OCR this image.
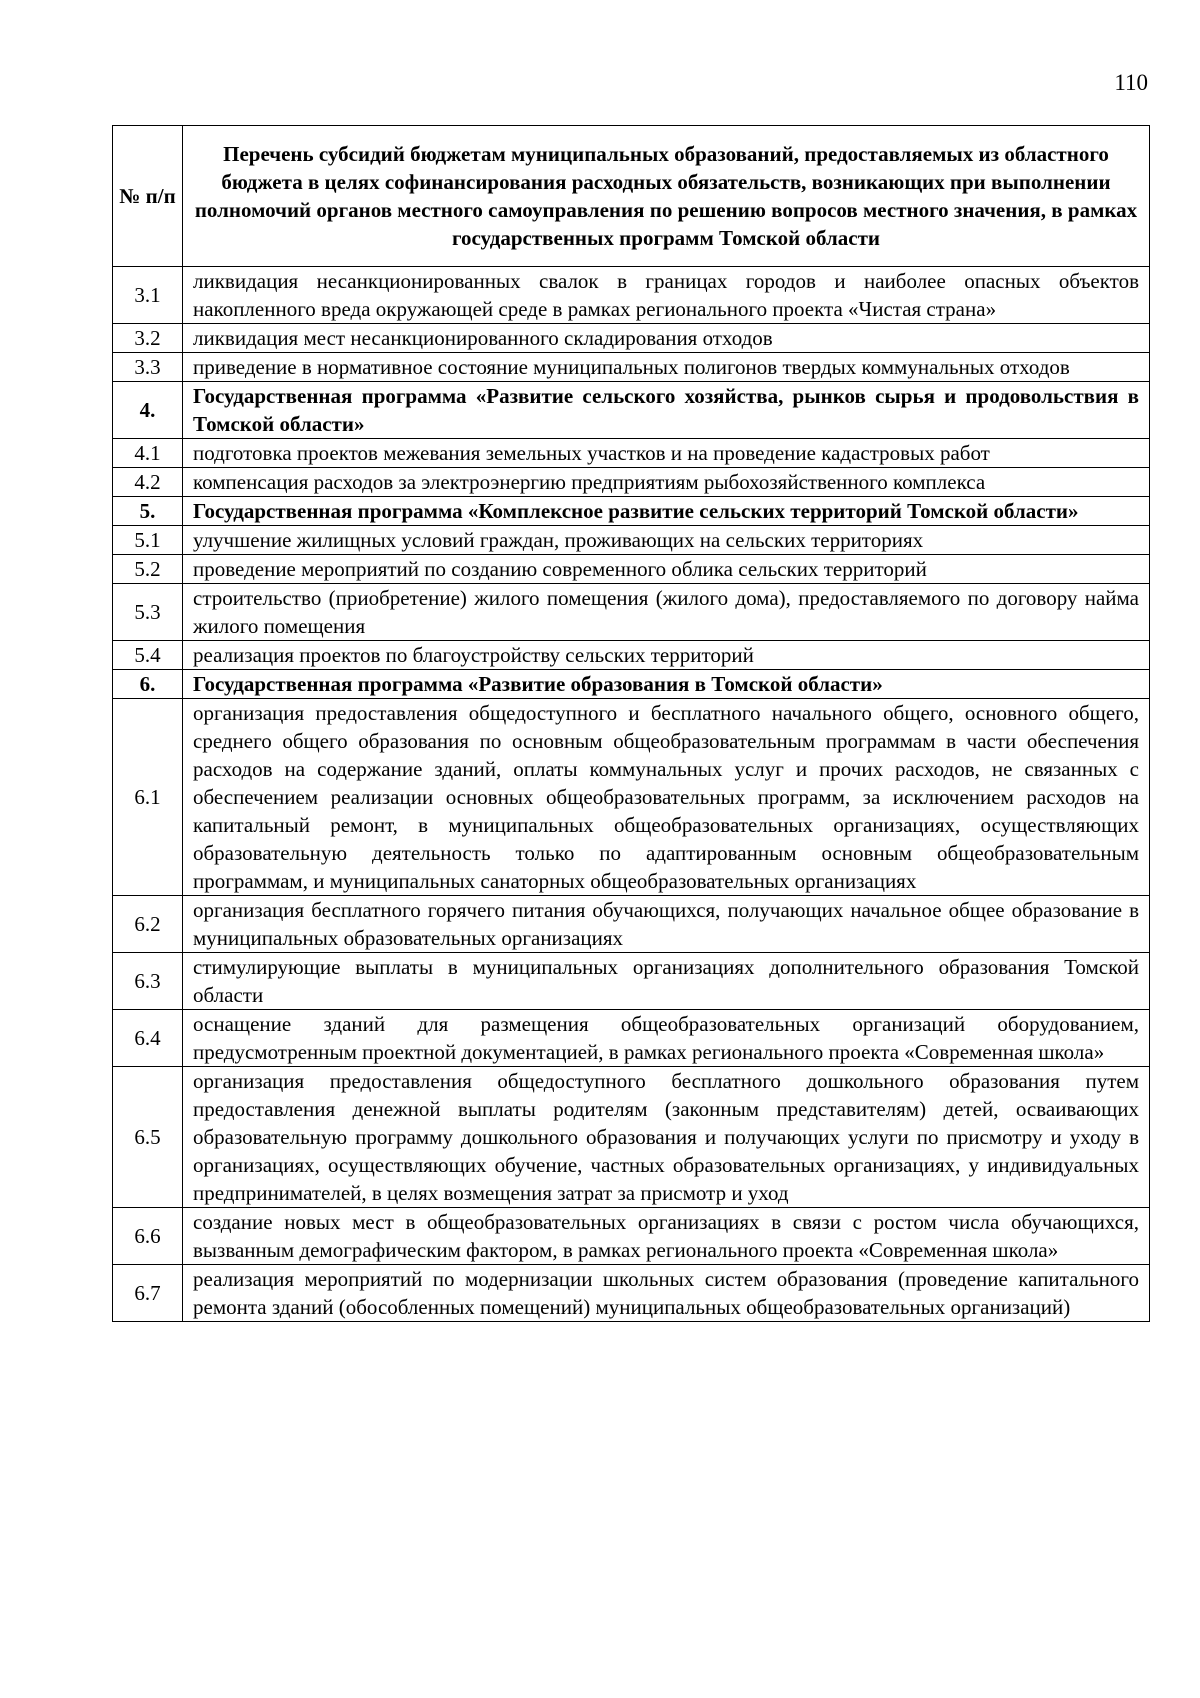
110
№ п/п	Перечень субсидий бюджетам муниципальных образований, предоставляемых из областного бюджета в целях софинансирования расходных обязательств, возникающих при выполнении полномочий органов местного самоуправления по решению вопросов местного значения, в рамках государственных программ Томской области
3.1	ликвидация несанкционированных свалок в границах городов и наиболее опасных объектов накопленного вреда окружающей среде в рамках регионального проекта «Чистая страна»
3.2	ликвидация мест несанкционированного складирования отходов
3.3	приведение в нормативное состояние муниципальных полигонов твердых коммунальных отходов
4.	Государственная программа «Развитие сельского хозяйства, рынков сырья и продовольствия в Томской области»
4.1	подготовка проектов межевания земельных участков и на проведение кадастровых работ
4.2	компенсация расходов за электроэнергию предприятиям рыбохозяйственного комплекса
5.	Государственная программа «Комплексное развитие сельских территорий Томской области»
5.1	улучшение жилищных условий граждан, проживающих на сельских территориях
5.2	проведение мероприятий по созданию современного облика сельских территорий
5.3	строительство (приобретение) жилого помещения (жилого дома), предоставляемого по договору найма жилого помещения
5.4	реализация проектов по благоустройству сельских территорий
6.	Государственная программа «Развитие образования в Томской области»
6.1	организация предоставления общедоступного и бесплатного начального общего, основного общего, среднего общего образования по основным общеобразовательным программам в части обеспечения расходов на содержание зданий, оплаты коммунальных услуг и прочих расходов, не связанных с обеспечением реализации основных общеобразовательных программ, за исключением расходов на капитальный ремонт, в муниципальных общеобразовательных организациях, осуществляющих образовательную деятельность только по адаптированным основным общеобразовательным программам, и муниципальных санаторных общеобразовательных организациях
6.2	организация бесплатного горячего питания обучающихся, получающих начальное общее образование в муниципальных образовательных организациях
6.3	стимулирующие выплаты в муниципальных организациях дополнительного образования Томской области
6.4	оснащение зданий для размещения общеобразовательных организаций оборудованием, предусмотренным проектной документацией, в рамках регионального проекта «Современная школа»
6.5	организация предоставления общедоступного бесплатного дошкольного образования путем предоставления денежной выплаты родителям (законным представителям) детей, осваивающих образовательную программу дошкольного образования и получающих услуги по присмотру и уходу в организациях, осуществляющих обучение, частных образовательных организациях, у индивидуальных предпринимателей, в целях возмещения затрат за присмотр и уход
6.6	создание новых мест в общеобразовательных организациях в связи с ростом числа обучающихся, вызванным демографическим фактором, в рамках регионального проекта «Современная школа»
6.7	реализация мероприятий по модернизации школьных систем образования (проведение капитального ремонта зданий (обособленных помещений) муниципальных общеобразовательных организаций)
